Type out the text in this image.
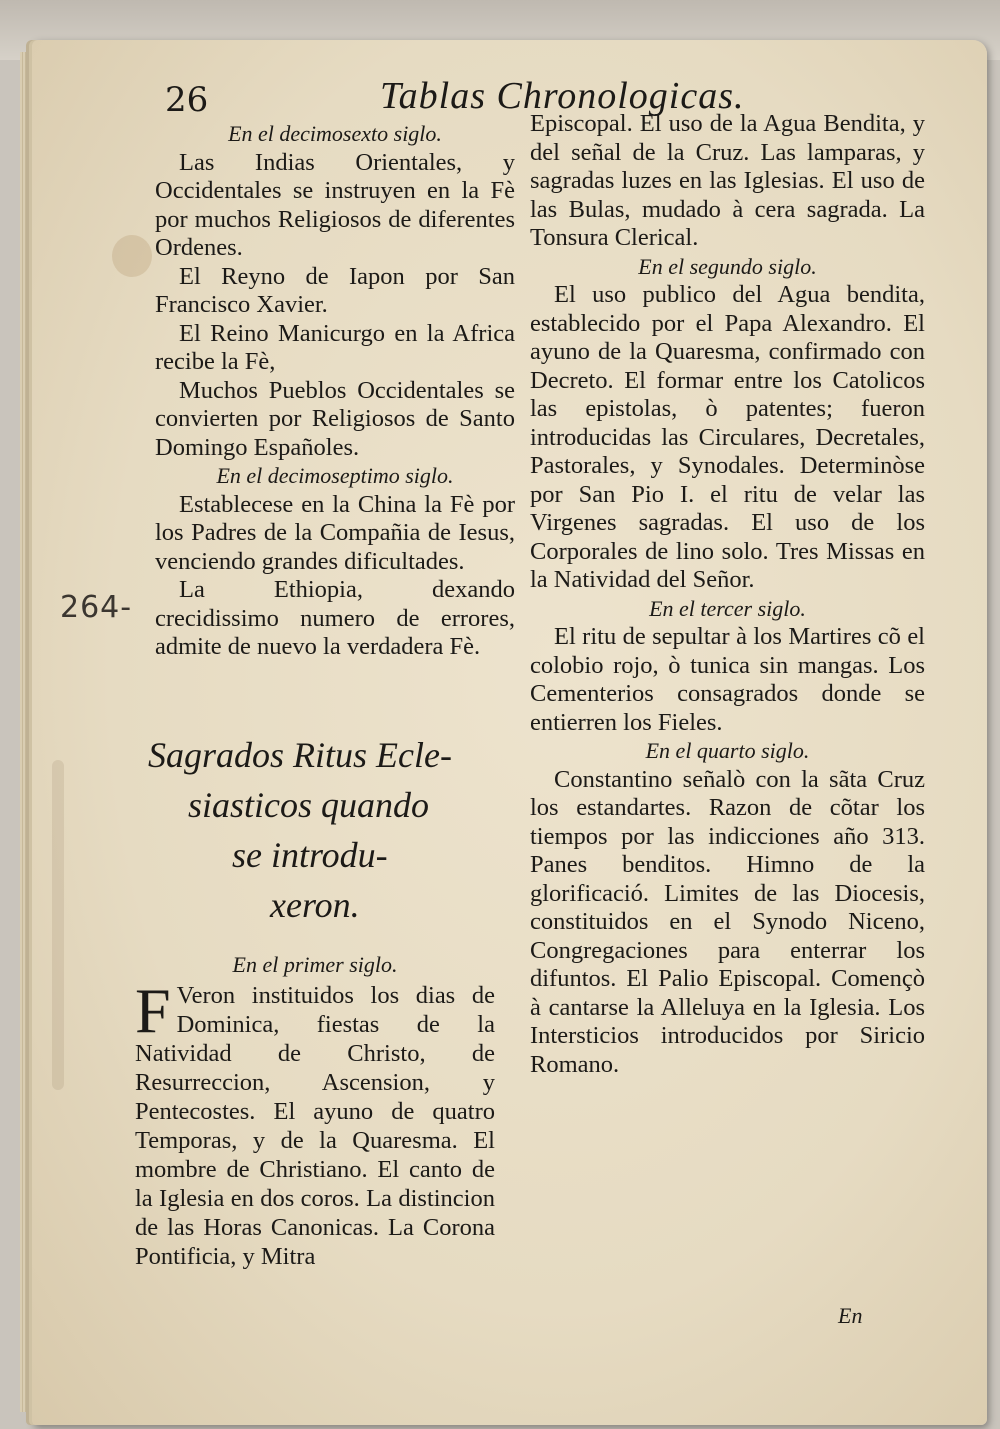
26	Tablas Chronologicas.

En el decimosexto siglo.

Las Indias Orientales, y Occidentales se instruyen en la Fè por muchos Religiosos de diferentes Ordenes.

El Reyno de Iapon por San Francisco Xavier.

El Reino Manicurgo en la Africa recibe la Fè,

Muchos Pueblos Occidentales se convierten por Religiosos de Santo Domingo Españoles.

En el decimoseptimo siglo.

Establecese en la China la Fè por los Padres de la Compañia de Iesus, venciendo grandes dificultades.

La Ethiopia, dexando crecidissimo numero de errores, admite de nuevo la verdadera Fè.

264-
Sagrados Ritus Ecle-
siasticos quando
se introdu-
xeron.

En el primer siglo.

F Veron instituidos los dias de Dominica, fiestas de la Natividad de Christo, de Resurreccion, Ascension, y Pentecostes. El ayuno de quatro Temporas, y de la Quaresma. El mombre de Christiano. El canto de la Iglesia en dos coros. La distincion de las Horas Canonicas. La Corona Pontificia, y Mitra

Episcopal. El uso de la Agua Bendita, y del señal de la Cruz. Las lamparas, y sagradas luzes en las Iglesias. El uso de las Bulas, mudado à cera sagrada. La Tonsura Clerical.

En el segundo siglo.

El uso publico del Agua bendita, establecido por el Papa Alexandro. El ayuno de la Quaresma, confirmado con Decreto. El formar entre los Catolicos las epistolas, ò patentes; fueron introducidas las Circulares, Decretales, Pastorales, y Synodales. Determinòse por San Pio I. el ritu de velar las Virgenes sagradas. El uso de los Corporales de lino solo. Tres Missas en la Natividad del Señor.

En el tercer siglo.

El ritu de sepultar à los Martires cõ el colobio rojo, ò tunica sin mangas. Los Cementerios consagrados donde se entierren los Fieles.

En el quarto siglo.

Constantino señalò con la sãta Cruz los estandartes. Razon de cõtar los tiempos por las indicciones año 313. Panes benditos. Himno de la glorificació. Limites de las Diocesis, constituidos en el Synodo Niceno, Congregaciones para enterrar los difuntos. El Palio Episcopal. Començò à cantarse la Alleluya en la Iglesia. Los Intersticios introducidos por Siricio Romano.

En
